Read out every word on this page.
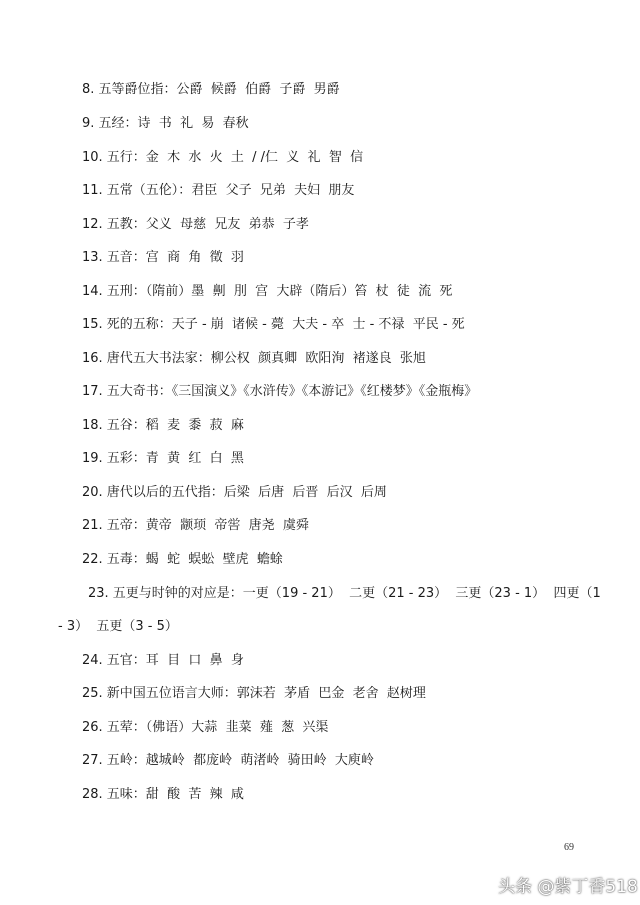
8. 五等爵位指：公爵  候爵  伯爵  子爵  男爵
9. 五经：诗  书  礼  易  春秋
10. 五行：金  木  水  火  土  / /仁  义  礼  智  信
11. 五常（五伦）：君臣  父子  兄弟  夫妇  朋友
12. 五教：父义  母慈  兄友  弟恭  子孝
13. 五音：宫  商  角  徵  羽
14. 五刑：（隋前）墨  劓  刖  宫  大辟（隋后）笞  杖  徒  流  死
15. 死的五称：天子 - 崩  诸候 - 薨  大夫 - 卒  士 - 不禄  平民 - 死
16. 唐代五大书法家：柳公权  颜真卿  欧阳洵  褚遂良  张旭
17. 五大奇书：《三国演义》《水浒传》《本游记》《红楼梦》《金瓶梅》
18. 五谷：稻  麦  黍  菽  麻
19. 五彩：青  黄  红  白  黑
20. 唐代以后的五代指：后梁  后唐  后晋  后汉  后周
21. 五帝：黄帝  颛顼  帝喾  唐尧  虞舜
22. 五毒：蝎  蛇  蜈蚣  壁虎  蟾蜍
23. 五更与时钟的对应是：一更（19 - 21）  二更（21 - 23）  三更（23 - 1）  四更（1
- 3）  五更（3 - 5）
24. 五官：耳  目  口  鼻  身
25. 新中国五位语言大师：郭沫若  茅盾  巴金  老舍  赵树理
26. 五荤：（佛语）大蒜  韭菜  薤  葱  兴渠
27. 五岭：越城岭  都庞岭  萌渚岭  骑田岭  大庾岭
28. 五味：甜  酸  苦  辣  咸
69
头条 @紫丁香518
